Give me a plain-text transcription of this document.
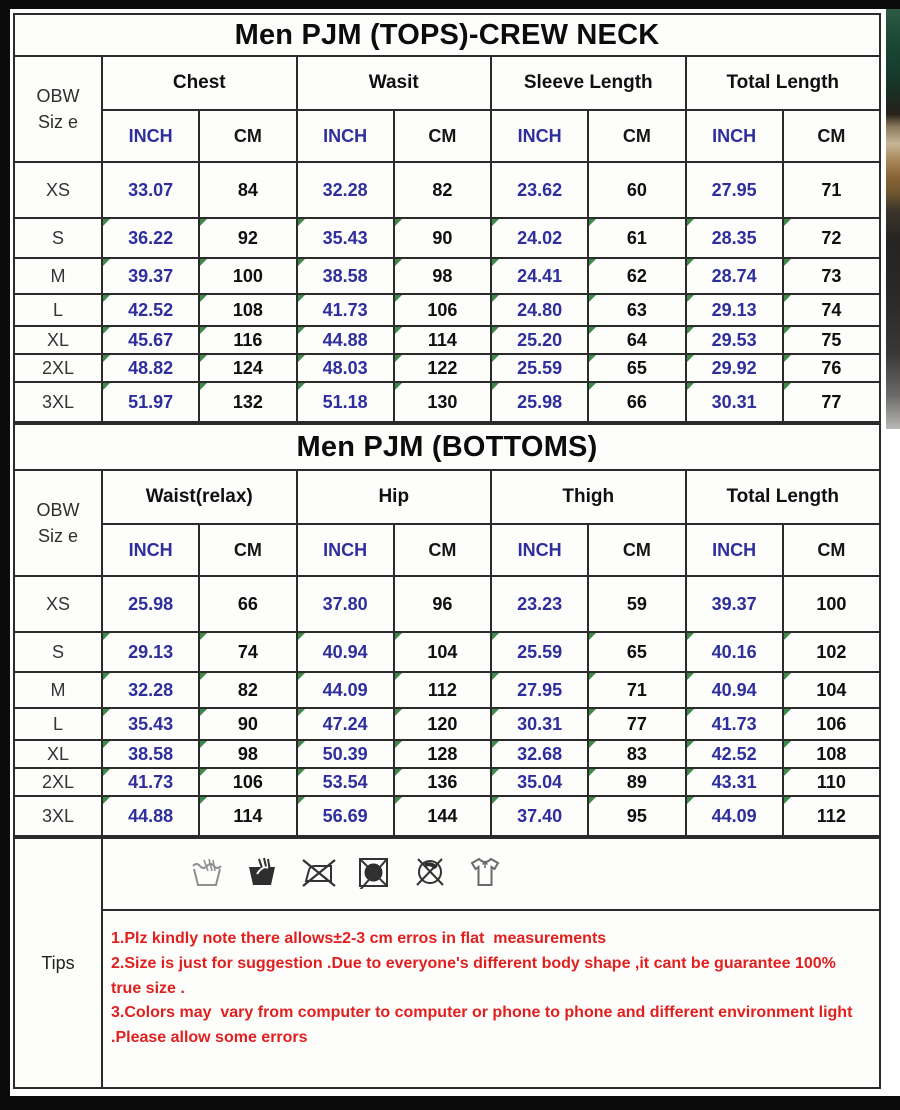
Men PJM (TOPS)-CREW NECK								

OBW
Siz e	Chest		Wasit		Sleeve Length		Total Length	
	INCH	CM	INCH	CM	INCH	CM	INCH	CM
XS	33.07	84	32.28	82	23.62	60	27.95	71
S	36.22	92	35.43	90	24.02	61	28.35	72
M	39.37	100	38.58	98	24.41	62	28.74	73
L	42.52	108	41.73	106	24.80	63	29.13	74
XL	45.67	116	44.88	114	25.20	64	29.53	75
2XL	48.82	124	48.03	122	25.59	65	29.92	76
3XL	51.97	132	51.18	130	25.98	66	30.31	77
Men PJM (BOTTOMS)								

OBW
Siz e	Waist(relax)		Hip		Thigh		Total Length	
	INCH	CM	INCH	CM	INCH	CM	INCH	CM
XS	25.98	66	37.80	96	23.23	59	39.37	100
S	29.13	74	40.94	104	25.59	65	40.16	102
M	32.28	82	44.09	112	27.95	71	40.94	104
L	35.43	90	47.24	120	30.31	77	41.73	106
XL	38.58	98	50.39	128	32.68	83	42.52	108
2XL	41.73	106	53.54	136	35.04	89	43.31	110
3XL	44.88	114	56.69	144	37.40	95	44.09	112
Tips	

1.Plz kindly note there allows±2-3 cm erros in flat  measurements
2.Size is just for suggestion .Due to everyone's different body shape ,it cant be guarantee 100% true size .
3.Colors may  vary from computer to computer or phone to phone and different environment light .Please allow some errors
